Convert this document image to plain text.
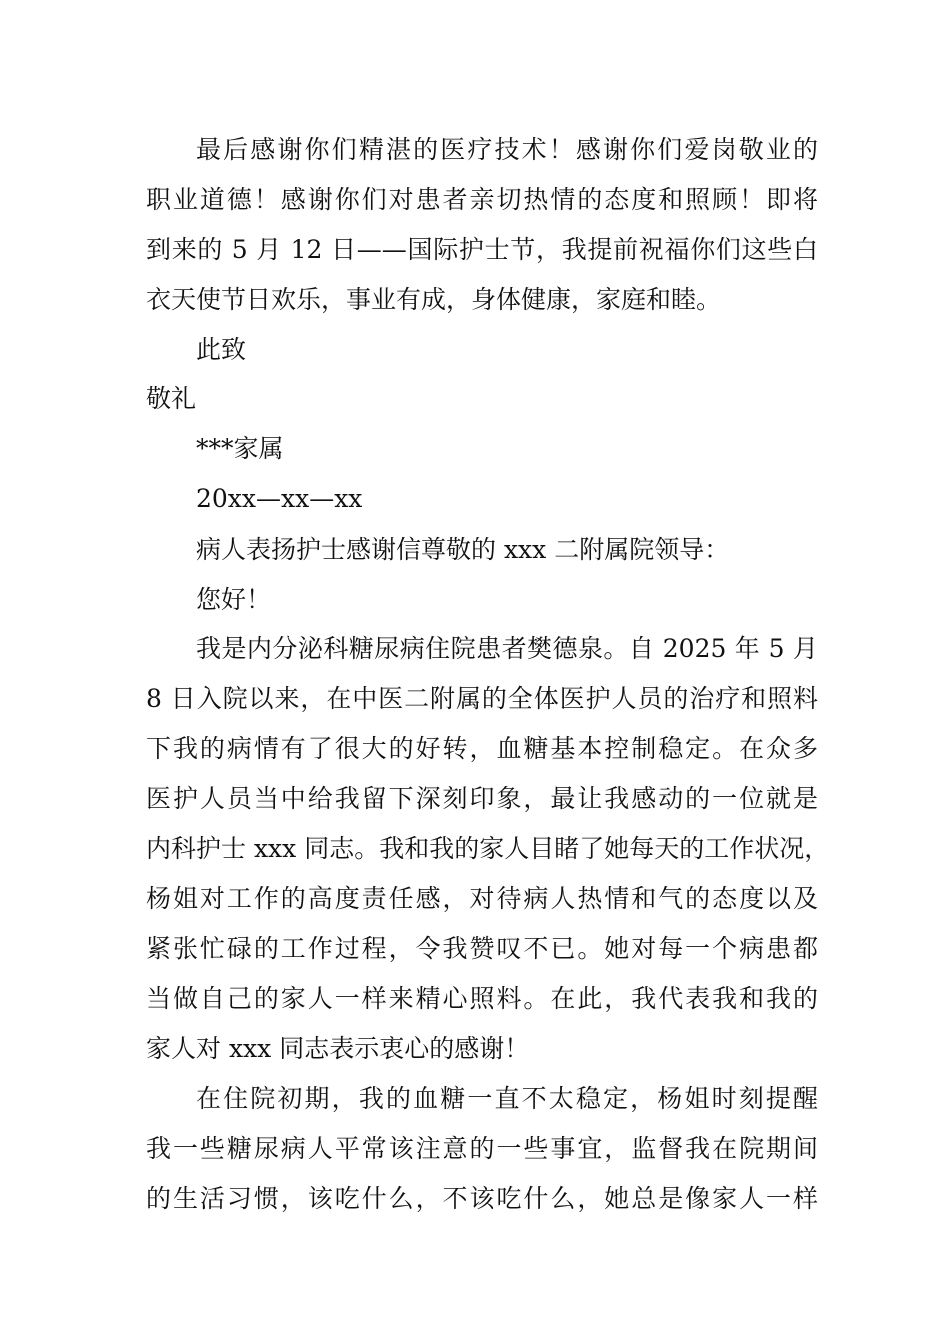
最后感谢你们精湛的医疗技术！感谢你们爱岗敬业的
职业道德！感谢你们对患者亲切热情的态度和照顾！即将
到来的 5 月 12 日——国际护士节，我提前祝福你们这些白
衣天使节日欢乐，事业有成，身体健康，家庭和睦。
此致
敬礼
***家属
20xx—xx—xx
病人表扬护士感谢信尊敬的 xxx 二附属院领导：
您好！
我是内分泌科糖尿病住院患者樊德泉。自 2025 年 5 月
8 日入院以来，在中医二附属的全体医护人员的治疗和照料
下我的病情有了很大的好转，血糖基本控制稳定。在众多
医护人员当中给我留下深刻印象，最让我感动的一位就是
内科护士 xxx 同志。我和我的家人目睹了她每天的工作状况，
杨姐对工作的高度责任感，对待病人热情和气的态度以及
紧张忙碌的工作过程，令我赞叹不已。她对每一个病患都
当做自己的家人一样来精心照料。在此，我代表我和我的
家人对 xxx 同志表示衷心的感谢！
在住院初期，我的血糖一直不太稳定，杨姐时刻提醒
我一些糖尿病人平常该注意的一些事宜，监督我在院期间
的生活习惯，该吃什么，不该吃什么，她总是像家人一样
